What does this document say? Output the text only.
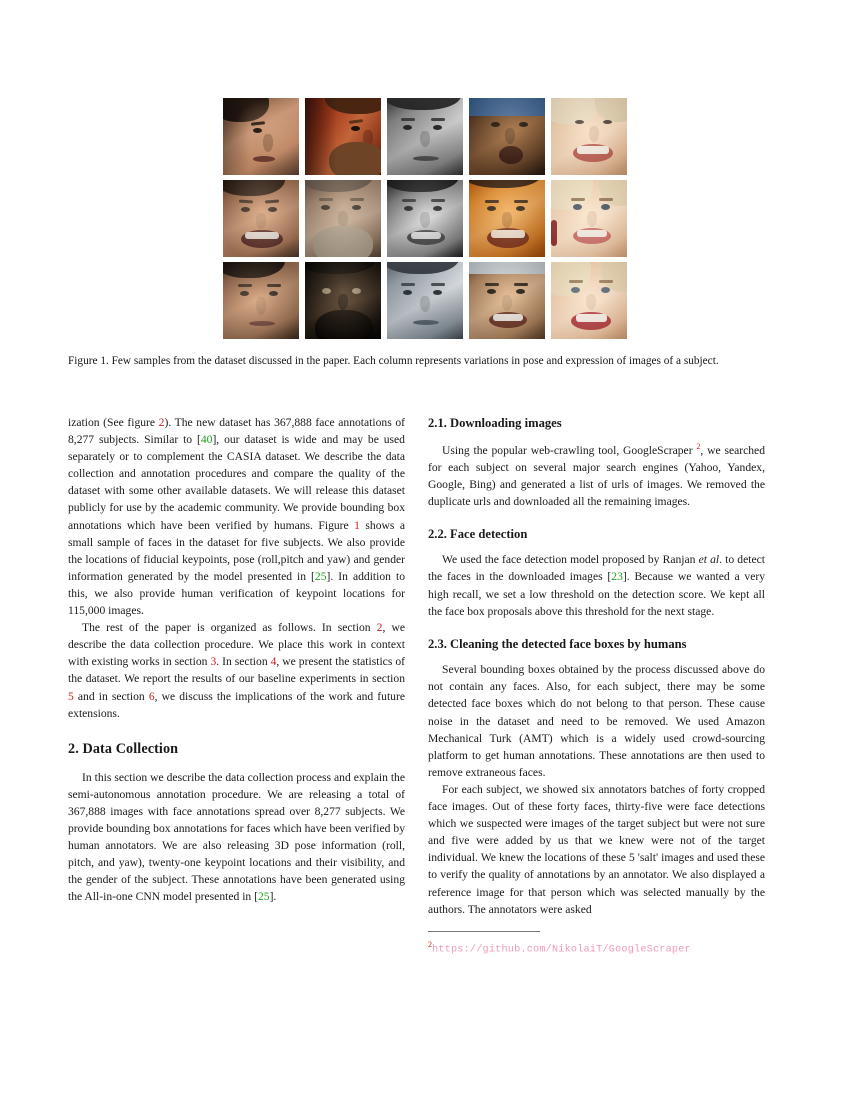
Figure 1. Few samples from the dataset discussed in the paper. Each column represents variations in pose and expression of images of a subject.

ization (See figure 2). The new dataset has 367,888 face annotations of 8,277 subjects. Similar to [40], our dataset is wide and may be used separately or to complement the CASIA dataset. We describe the data collection and annotation procedures and compare the quality of the dataset with some other available datasets. We will release this dataset publicly for use by the academic community. We provide bounding box annotations which have been verified by humans. Figure 1 shows a small sample of faces in the dataset for five subjects. We also provide the locations of fiducial keypoints, pose (roll,pitch and yaw) and gender information generated by the model presented in [25]. In addition to this, we also provide human verification of keypoint locations for 115,000 images.

The rest of the paper is organized as follows. In section 2, we describe the data collection procedure. We place this work in context with existing works in section 3. In section 4, we present the statistics of the dataset. We report the results of our baseline experiments in section 5 and in section 6, we discuss the implications of the work and future extensions.

2. Data Collection

In this section we describe the data collection process and explain the semi-autonomous annotation procedure. We are releasing a total of 367,888 images with face annotations spread over 8,277 subjects. We provide bounding box annotations for faces which have been verified by human annotators. We are also releasing 3D pose information (roll, pitch, and yaw), twenty-one keypoint locations and their visibility, and the gender of the subject. These annotations have been generated using the All-in-one CNN model presented in [25].

2.1. Downloading images

Using the popular web-crawling tool, GoogleScraper $^2$, we searched for each subject on several major search engines (Yahoo, Yandex, Google, Bing) and generated a list of urls of images. We removed the duplicate urls and downloaded all the remaining images.

2.2. Face detection

We used the face detection model proposed by Ranjan et al. to detect the faces in the downloaded images [23]. Because we wanted a very high recall, we set a low threshold on the detection score. We kept all the face box proposals above this threshold for the next stage.

2.3. Cleaning the detected face boxes by humans

Several bounding boxes obtained by the process discussed above do not contain any faces. Also, for each subject, there may be some detected face boxes which do not belong to that person. These cause noise in the dataset and need to be removed. We used Amazon Mechanical Turk (AMT) which is a widely used crowd-sourcing platform to get human annotations. These annotations are then used to remove extraneous faces.

For each subject, we showed six annotators batches of forty cropped face images. Out of these forty faces, thirty-five were face detections which we suspected were images of the target subject but were not sure and five were added by us that we knew were not of the target individual. We knew the locations of these 5 'salt' images and used these to verify the quality of annotations by an annotator. We also displayed a reference image for that person which was selected manually by the authors. The annotators were asked

$^2$https://github.com/NikolaiT/GoogleScraper
